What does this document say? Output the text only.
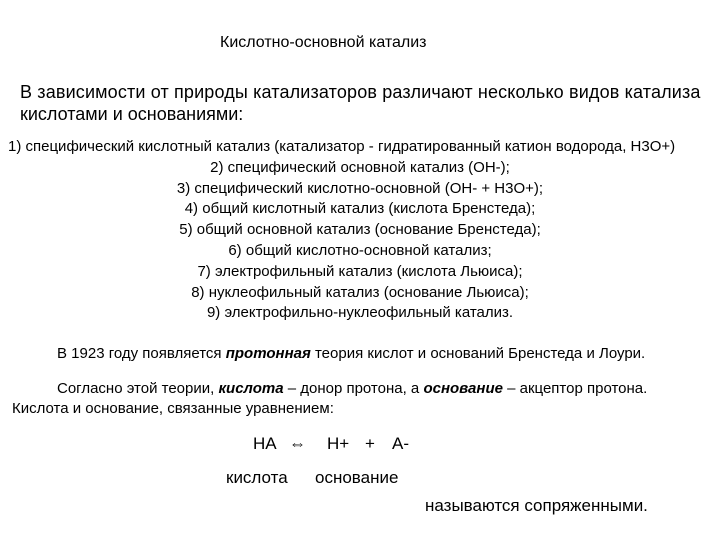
Кислотно-основной катализ
В зависимости от природы катализаторов различают несколько видов катализа
кислотами и основаниями:
1) специфический кислотный катализ (катализатор - гидратированный катион водорода, Н3О+)
2) специфический основной катализ (ОН-);
3) специфический кислотно-основной (ОН- + Н3О+);
4) общий кислотный катализ (кислота Бренстеда);
5) общий основной катализ (основание Бренстеда);
6) общий кислотно-основной катализ;
7) электрофильный катализ (кислота Льюиса);
8) нуклеофильный катализ (основание Льюиса);
9) электрофильно-нуклеофильный катализ.
В 1923 году появляется протонная теория кислот и оснований Бренстеда и Лоури.
Согласно этой теории, кислота – донор протона, а основание – акцептор протона.
Кислота и основание, связанные уравнением:
НА ⇔ Н+ + А-
кислота основание
называются сопряженными.
